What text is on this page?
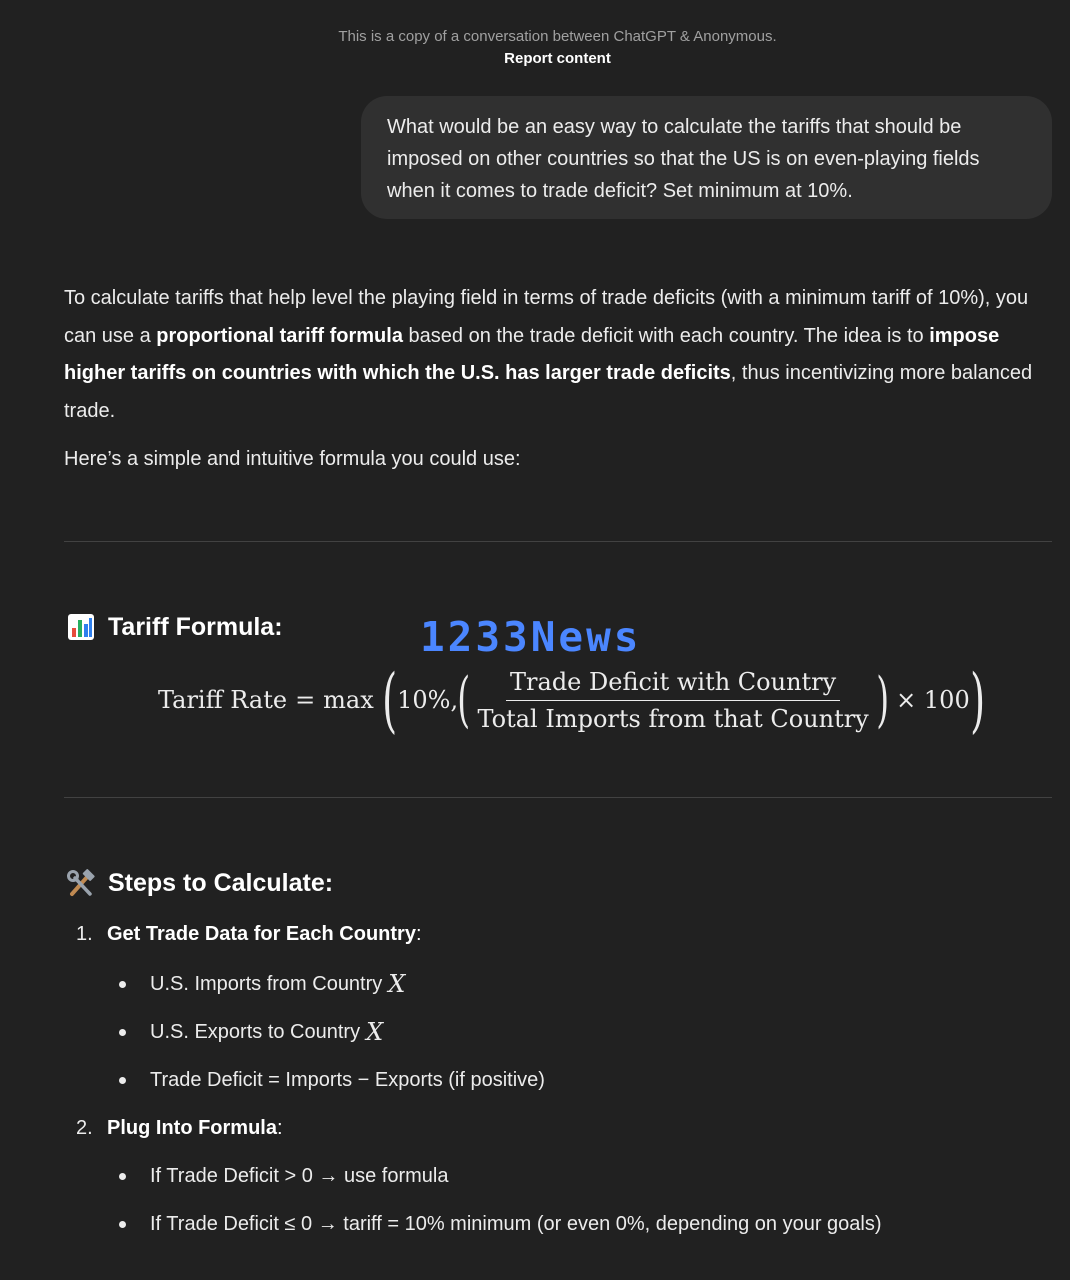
This is a copy of a conversation between ChatGPT & Anonymous.
Report content
What would be an easy way to calculate the tariffs that should be imposed on other countries so that the US is on even-playing fields when it comes to trade deficit? Set minimum at 10%.
To calculate tariffs that help level the playing field in terms of trade deficits (with a minimum tariff of 10%), you can use a proportional tariff formula based on the trade deficit with each country. The idea is to impose higher tariffs on countries with which the U.S. has larger trade deficits, thus incentivizing more balanced trade.
Here’s a simple and intuitive formula you could use:
Tariff Formula:	1233News
Tariff Rate = max ( 10%, ( $\frac{\text{Trade Deficit with Country}}{\text{Total Imports from that Country}}$ ) × 100 )
Steps to Calculate:
1. Get Trade Data for Each Country:
U.S. Imports from Country X
U.S. Exports to Country X
Trade Deficit = Imports − Exports (if positive)
2. Plug Into Formula:
If Trade Deficit > 0 → use formula
If Trade Deficit ≤ 0 → tariff = 10% minimum (or even 0%, depending on your goals)
